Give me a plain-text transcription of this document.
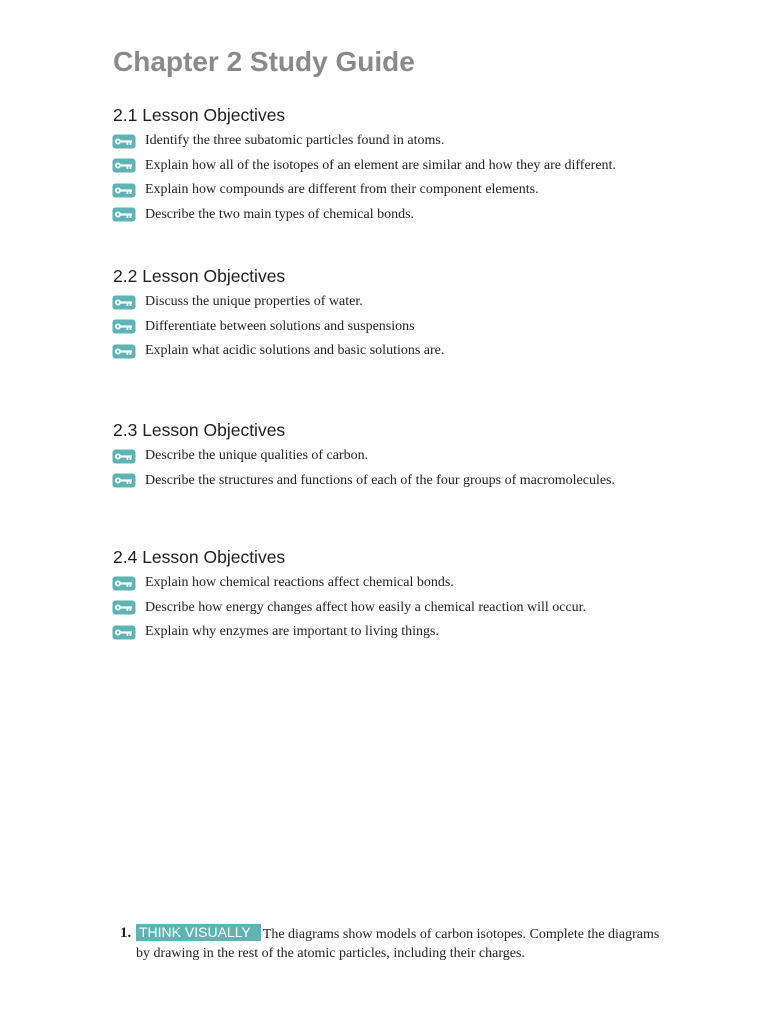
Chapter 2 Study Guide
2.1 Lesson Objectives
Identify the three subatomic particles found in atoms.
Explain how all of the isotopes of an element are similar and how they are different.
Explain how compounds are different from their component elements.
Describe the two main types of chemical bonds.
2.2 Lesson Objectives
Discuss the unique properties of water.
Differentiate between solutions and suspensions
Explain what acidic solutions and basic solutions are.
2.3 Lesson Objectives
Describe the unique qualities of carbon.
Describe the structures and functions of each of the four groups of macromolecules.
2.4 Lesson Objectives
Explain how chemical reactions affect chemical bonds.
Describe how energy changes affect how easily a chemical reaction will occur.
Explain why enzymes are important to living things.
1. THINK VISUALLY The diagrams show models of carbon isotopes. Complete the diagrams by drawing in the rest of the atomic particles, including their charges.
